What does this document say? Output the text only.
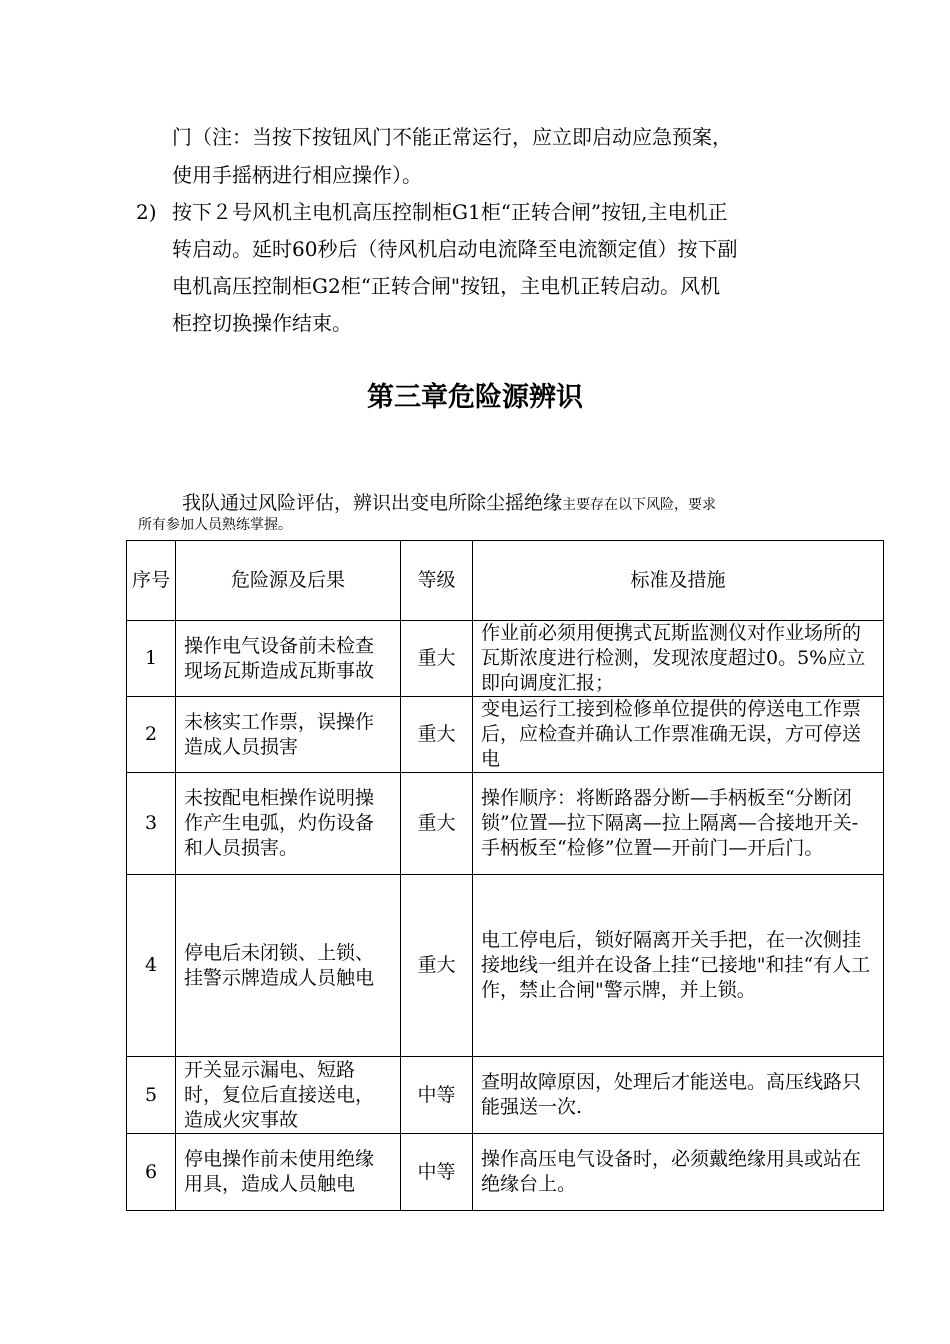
门（注：当按下按钮风门不能正常运行，应立即启动应急预案，
使用手摇柄进行相应操作）。
2) 按下２号风机主电机高压控制柜G1柜“正转合闸”按钮,主电机正
转启动。延时60秒后（待风机启动电流降至电流额定值）按下副
电机高压控制柜G2柜“正转合闸"按钮，主电机正转启动。风机
柜控切换操作结束。
第三章危险源辨识
我队通过风险评估，辨识出变电所除尘摇绝缘主要存在以下风险，要求
所有参加人员熟练掌握。
序号	危险源及后果	等级	标准及措施
1	操作电气设备前未检查现场瓦斯造成瓦斯事故	重大	作业前必须用便携式瓦斯监测仪对作业场所的瓦斯浓度进行检测，发现浓度超过0。5%应立即向调度汇报；
2	未核实工作票，误操作造成人员损害	重大	变电运行工接到检修单位提供的停送电工作票后，应检查并确认工作票准确无误，方可停送电
3	未按配电柜操作说明操作产生电弧，灼伤设备和人员损害。	重大	操作顺序：将断路器分断—手柄板至“分断闭锁”位置—拉下隔离—拉上隔离—合接地开关-手柄板至“检修”位置—开前门—开后门。
4	停电后未闭锁、上锁、挂警示牌造成人员触电	重大	电工停电后，锁好隔离开关手把，在一次侧挂接地线一组并在设备上挂“已接地"和挂“有人工作，禁止合闸"警示牌，并上锁。
5	开关显示漏电、短路时，复位后直接送电，造成火灾事故	中等	查明故障原因，处理后才能送电。高压线路只能强送一次.
6	停电操作前未使用绝缘用具，造成人员触电	中等	操作高压电气设备时，必须戴绝缘用具或站在绝缘台上。
